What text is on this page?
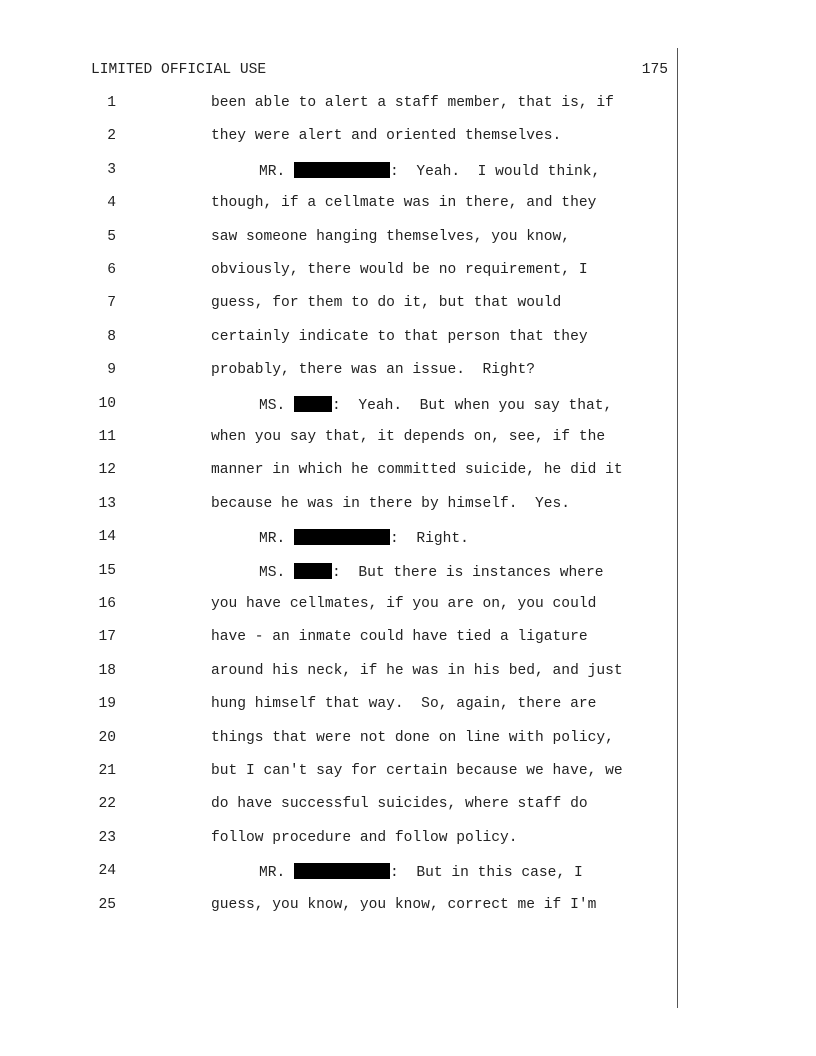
LIMITED OFFICIAL USE	175
1	been able to alert a staff member, that is, if
2	they were alert and oriented themselves.
3	MR.	:  Yeah.  I would think,
4	though, if a cellmate was in there, and they
5	saw someone hanging themselves, you know,
6	obviously, there would be no requirement, I
7	guess, for them to do it, but that would
8	certainly indicate to that person that they
9	probably, there was an issue.  Right?
10	MS.	:  Yeah.  But when you say that,
11	when you say that, it depends on, see, if the
12	manner in which he committed suicide, he did it
13	because he was in there by himself.  Yes.
14	MR.	:  Right.
15	MS.	:  But there is instances where
16	you have cellmates, if you are on, you could
17	have - an inmate could have tied a ligature
18	around his neck, if he was in his bed, and just
19	hung himself that way.  So, again, there are
20	things that were not done on line with policy,
21	but I can't say for certain because we have, we
22	do have successful suicides, where staff do
23	follow procedure and follow policy.
24	MR.	:  But in this case, I
25	guess, you know, you know, correct me if I'm
